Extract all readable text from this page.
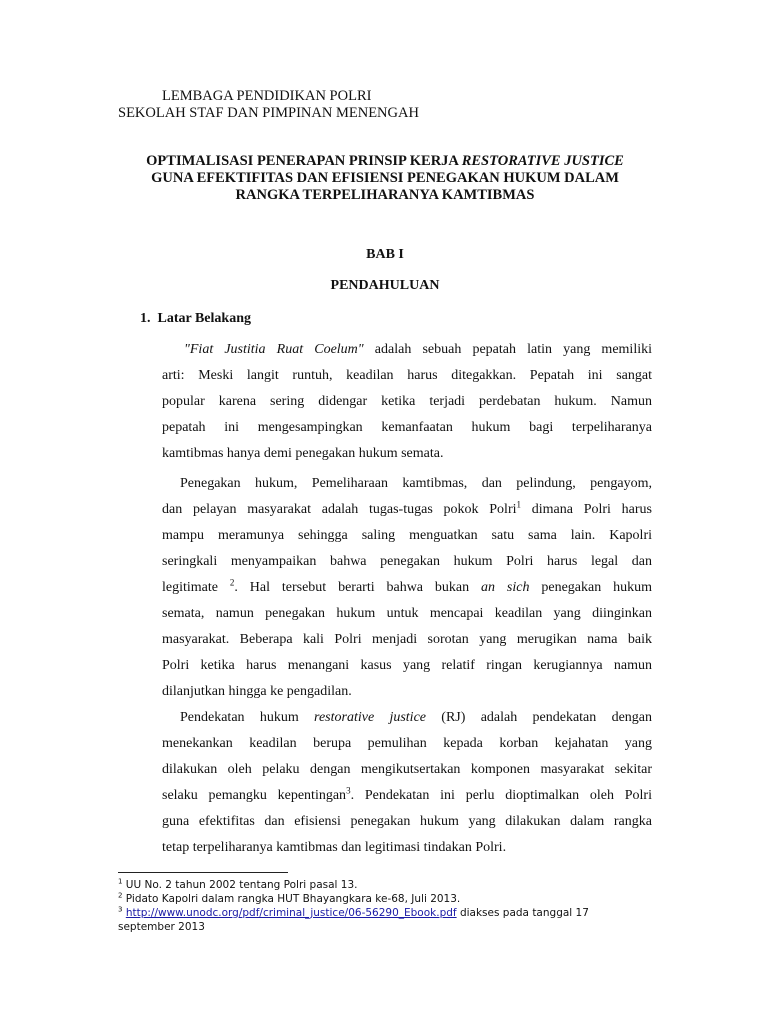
LEMBAGA PENDIDIKAN POLRI
SEKOLAH STAF DAN PIMPINAN MENENGAH
OPTIMALISASI PENERAPAN PRINSIP KERJA RESTORATIVE JUSTICE
GUNA EFEKTIFITAS DAN EFISIENSI PENEGAKAN HUKUM DALAM
RANGKA TERPELIHARANYA KAMTIBMAS
BAB I
PENDAHULUAN
1. Latar Belakang
"Fiat Justitia Ruat Coelum" adalah sebuah pepatah latin yang memiliki
arti: Meski langit runtuh, keadilan harus ditegakkan. Pepatah ini sangat
popular karena sering didengar ketika terjadi perdebatan hukum. Namun
pepatah ini mengesampingkan kemanfaatan hukum bagi terpeliharanya
kamtibmas hanya demi penegakan hukum semata.
Penegakan hukum, Pemeliharaan kamtibmas, dan pelindung, pengayom,
dan pelayan masyarakat adalah tugas-tugas pokok Polri$^1$ dimana Polri harus
mampu meramunya sehingga saling menguatkan satu sama lain. Kapolri
seringkali menyampaikan bahwa penegakan hukum Polri harus legal dan
legitimate $^2$. Hal tersebut berarti bahwa bukan an sich penegakan hukum
semata, namun penegakan hukum untuk mencapai keadilan yang diinginkan
masyarakat. Beberapa kali Polri menjadi sorotan yang merugikan nama baik
Polri ketika harus menangani kasus yang relatif ringan kerugiannya namun
dilanjutkan hingga ke pengadilan.
Pendekatan hukum restorative justice (RJ) adalah pendekatan dengan
menekankan keadilan berupa pemulihan kepada korban kejahatan yang
dilakukan oleh pelaku dengan mengikutsertakan komponen masyarakat sekitar
selaku pemangku kepentingan$^3$. Pendekatan ini perlu dioptimalkan oleh Polri
guna efektifitas dan efisiensi penegakan hukum yang dilakukan dalam rangka
tetap terpeliharanya kamtibmas dan legitimasi tindakan Polri.
$^1$ UU No. 2 tahun 2002 tentang Polri pasal 13.
$^2$ Pidato Kapolri dalam rangka HUT Bhayangkara ke-68, Juli 2013.
$^3$ http://www.unodc.org/pdf/criminal_justice/06-56290_Ebook.pdf diakses pada tanggal 17
september 2013
